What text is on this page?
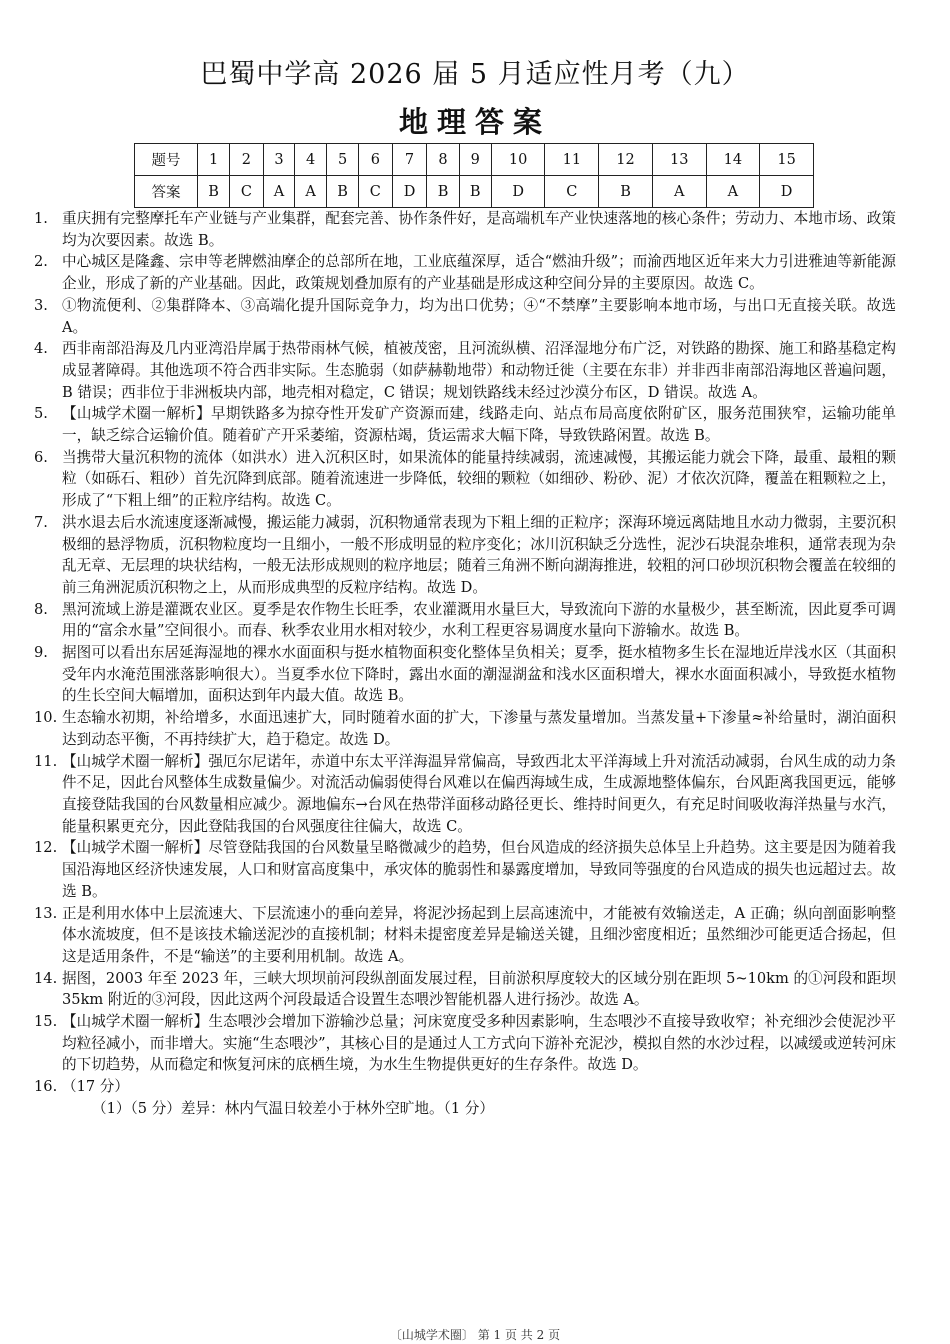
巴蜀中学高 2026 届 5 月适应性月考（九）
地理答案
题号	1	2	3	4	5	6	7	8	9	10	11	12	13	14	15
答案	B	C	A	A	B	C	D	B	B	D	C	B	A	A	D
1. 重庆拥有完整摩托车产业链与产业集群，配套完善、协作条件好，是高端机车产业快速落地的核心条件；劳动力、本地市场、政策均为次要因素。故选 B。
2. 中心城区是隆鑫、宗申等老牌燃油摩企的总部所在地，工业底蕴深厚，适合“燃油升级”；而渝西地区近年来大力引进雅迪等新能源企业，形成了新的产业基础。因此，政策规划叠加原有的产业基础是形成这种空间分异的主要原因。故选 C。
3. ①物流便利、②集群降本、③高端化提升国际竞争力，均为出口优势；④“不禁摩”主要影响本地市场，与出口无直接关联。故选 A。
4. 西非南部沿海及几内亚湾沿岸属于热带雨林气候，植被茂密，且河流纵横、沼泽湿地分布广泛，对铁路的勘探、施工和路基稳定构成显著障碍。其他选项不符合西非实际。生态脆弱（如萨赫勒地带）和动物迁徙（主要在东非）并非西非南部沿海地区普遍问题，B 错误；西非位于非洲板块内部，地壳相对稳定，C 错误；规划铁路线未经过沙漠分布区，D 错误。故选 A。
5. 【山城学术圈一解析】早期铁路多为掠夺性开发矿产资源而建，线路走向、站点布局高度依附矿区，服务范围狭窄，运输功能单一，缺乏综合运输价值。随着矿产开采萎缩，资源枯竭，货运需求大幅下降，导致铁路闲置。故选 B。
6. 当携带大量沉积物的流体（如洪水）进入沉积区时，如果流体的能量持续减弱，流速减慢，其搬运能力就会下降，最重、最粗的颗粒（如砾石、粗砂）首先沉降到底部。随着流速进一步降低，较细的颗粒（如细砂、粉砂、泥）才依次沉降，覆盖在粗颗粒之上，形成了“下粗上细”的正粒序结构。故选 C。
7. 洪水退去后水流速度逐渐减慢，搬运能力减弱，沉积物通常表现为下粗上细的正粒序；深海环境远离陆地且水动力微弱，主要沉积极细的悬浮物质，沉积物粒度均一且细小，一般不形成明显的粒序变化；冰川沉积缺乏分选性，泥沙石块混杂堆积，通常表现为杂乱无章、无层理的块状结构，一般无法形成规则的粒序地层；随着三角洲不断向湖海推进，较粗的河口砂坝沉积物会覆盖在较细的前三角洲泥质沉积物之上，从而形成典型的反粒序结构。故选 D。
8. 黑河流域上游是灌溉农业区。夏季是农作物生长旺季，农业灌溉用水量巨大，导致流向下游的水量极少，甚至断流，因此夏季可调用的“富余水量”空间很小。而春、秋季农业用水相对较少，水利工程更容易调度水量向下游输水。故选 B。
9. 据图可以看出东居延海湿地的裸水水面面积与挺水植物面积变化整体呈负相关；夏季，挺水植物多生长在湿地近岸浅水区（其面积受年内水淹范围涨落影响很大）。当夏季水位下降时，露出水面的潮湿湖盆和浅水区面积增大，裸水水面面积减小，导致挺水植物的生长空间大幅增加，面积达到年内最大值。故选 B。
10. 生态输水初期，补给增多，水面迅速扩大，同时随着水面的扩大，下渗量与蒸发量增加。当蒸发量+下渗量≈补给量时，湖泊面积达到动态平衡，不再持续扩大，趋于稳定。故选 D。
11. 【山城学术圈一解析】强厄尔尼诺年，赤道中东太平洋海温异常偏高，导致西北太平洋海域上升对流活动减弱，台风生成的动力条件不足，因此台风整体生成数量偏少。对流活动偏弱使得台风难以在偏西海域生成，生成源地整体偏东，台风距离我国更远，能够直接登陆我国的台风数量相应减少。源地偏东→台风在热带洋面移动路径更长、维持时间更久，有充足时间吸收海洋热量与水汽，能量积累更充分，因此登陆我国的台风强度往往偏大，故选 C。
12. 【山城学术圈一解析】尽管登陆我国的台风数量呈略微减少的趋势，但台风造成的经济损失总体呈上升趋势。这主要是因为随着我国沿海地区经济快速发展，人口和财富高度集中，承灾体的脆弱性和暴露度增加，导致同等强度的台风造成的损失也远超过去。故选 B。
13. 正是利用水体中上层流速大、下层流速小的垂向差异，将泥沙扬起到上层高速流中，才能被有效输送走，A 正确；纵向剖面影响整体水流坡度，但不是该技术输送泥沙的直接机制；材料未提密度差异是输送关键，且细沙密度相近；虽然细沙可能更适合扬起，但这是适用条件，不是“输送”的主要利用机制。故选 A。
14. 据图，2003 年至 2023 年，三峡大坝坝前河段纵剖面发展过程，目前淤积厚度较大的区域分别在距坝 5~10km 的①河段和距坝 35km 附近的③河段，因此这两个河段最适合设置生态喂沙智能机器人进行扬沙。故选 A。
15. 【山城学术圈一解析】生态喂沙会增加下游输沙总量；河床宽度受多种因素影响，生态喂沙不直接导致收窄；补充细沙会使泥沙平均粒径减小，而非增大。实施“生态喂沙”，其核心目的是通过人工方式向下游补充泥沙，模拟自然的水沙过程，以减缓或逆转河床的下切趋势，从而稳定和恢复河床的底栖生境，为水生生物提供更好的生存条件。故选 D。
16. （17 分）
（1）（5 分）差异：林内气温日较差小于林外空旷地。（1 分）
〔山城学术圈〕 第 1 页 共 2 页
